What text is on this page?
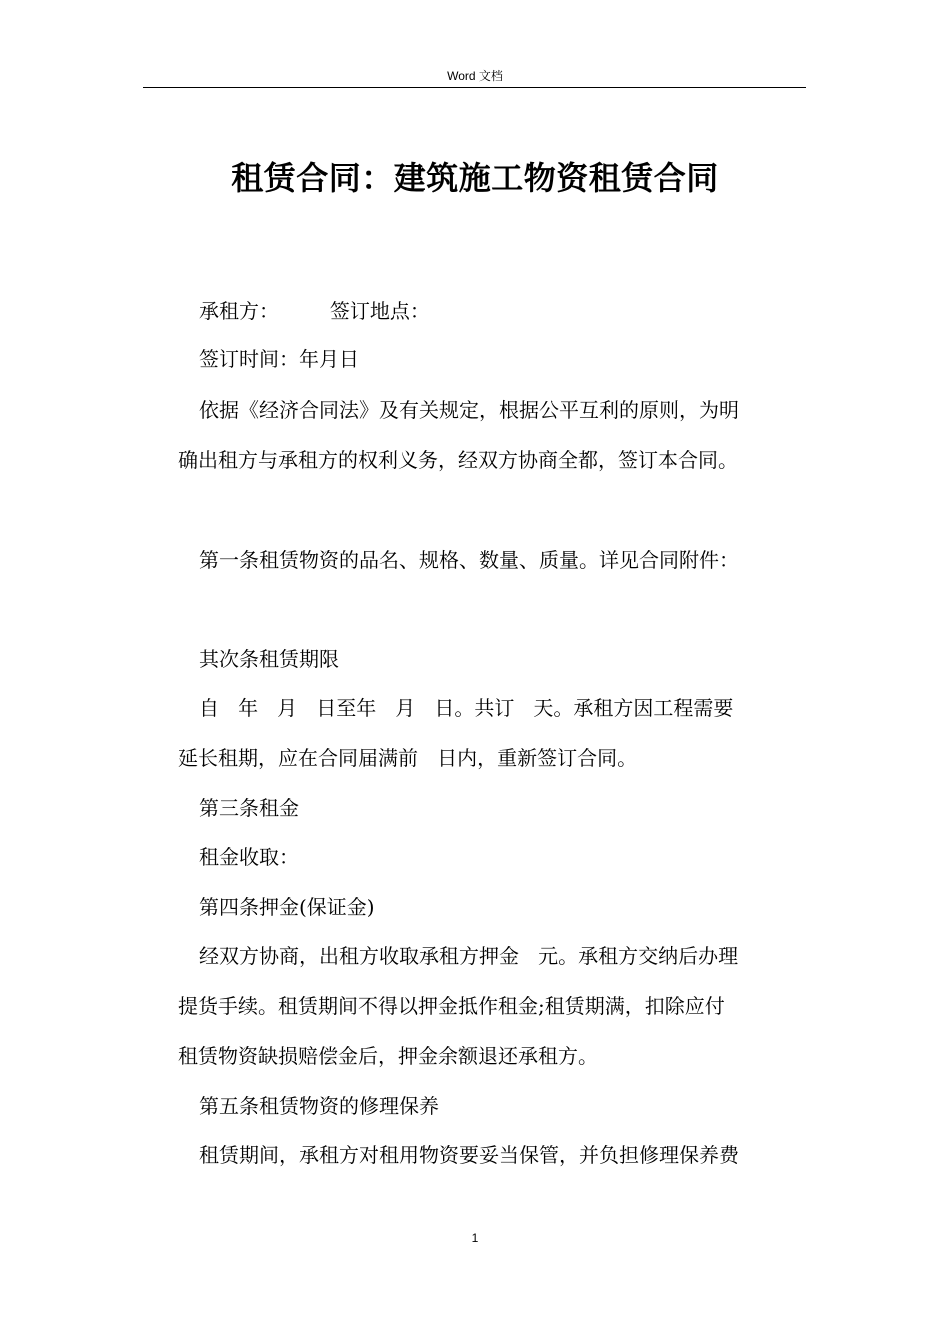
Word 文档
租赁合同：建筑施工物资租赁合同
承租方：        签订地点：
签订时间：年月日
依据《经济合同法》及有关规定，根据公平互利的原则，为明
确出租方与承租方的权利义务，经双方协商全都，签订本合同。
第一条租赁物资的品名、规格、数量、质量。详见合同附件：
其次条租赁期限
自   年   月   日至年   月   日。共订   天。承租方因工程需要
延长租期，应在合同届满前   日内，重新签订合同。
第三条租金
租金收取：
第四条押金(保证金)
经双方协商，出租方收取承租方押金   元。承租方交纳后办理
提货手续。租赁期间不得以押金抵作租金;租赁期满，扣除应付
租赁物资缺损赔偿金后，押金余额退还承租方。
第五条租赁物资的修理保养
租赁期间，承租方对租用物资要妥当保管，并负担修理保养费
1
